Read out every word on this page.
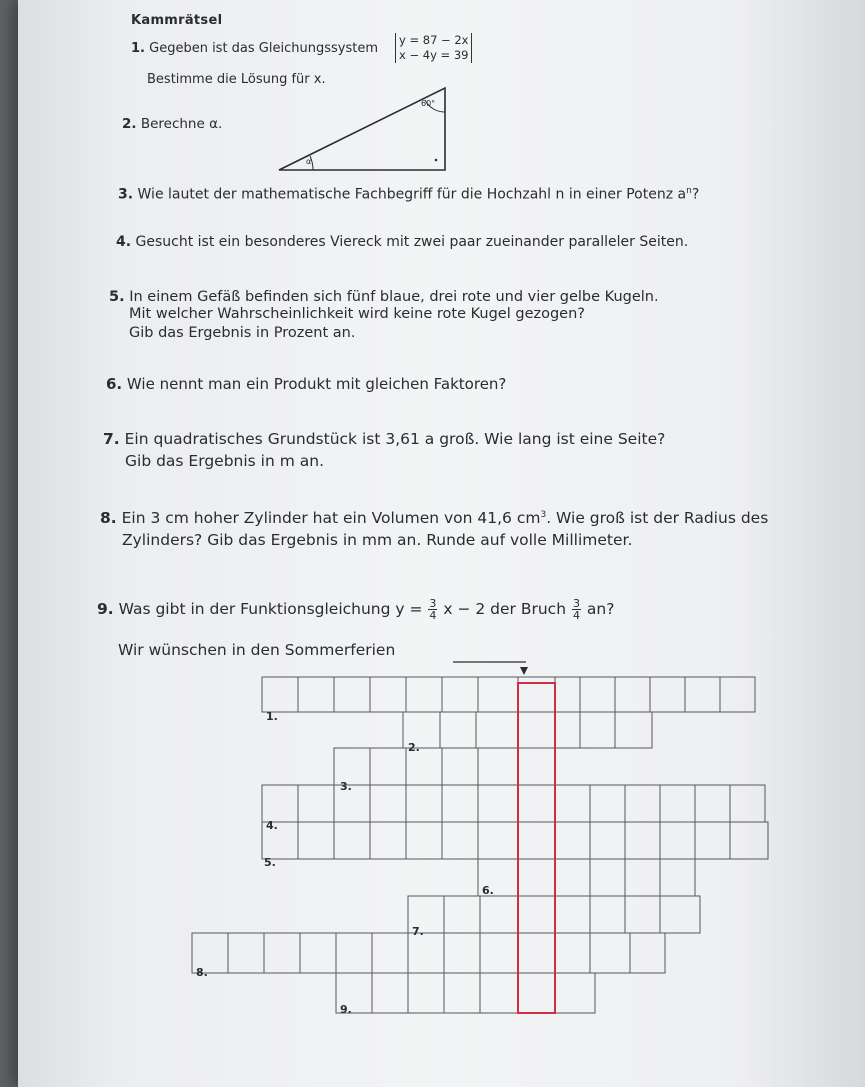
Kammrätsel
1. Gegeben ist das Gleichungssystem
y = 87 − 2x
x − 4y = 39
Bestimme die Lösung für x.
2. Berechne α.
60°
α
1.
2.
3.
4.
5.
6.
7.
8.
9.
3. Wie lautet der mathematische Fachbegriff für die Hochzahl n in einer Potenz $a^n$?
4. Gesucht ist ein besonderes Viereck mit zwei paar zueinander paralleler Seiten.
5. In einem Gefäß befinden sich fünf blaue, drei rote und vier gelbe Kugeln.
Mit welcher Wahrscheinlichkeit wird keine rote Kugel gezogen?
Gib das Ergebnis in Prozent an.
6. Wie nennt man ein Produkt mit gleichen Faktoren?
7. Ein quadratisches Grundstück ist 3,61 a groß. Wie lang ist eine Seite?
Gib das Ergebnis in m an.
8. Ein 3 cm hoher Zylinder hat ein Volumen von 41,6 $cm^3$. Wie groß ist der Radius des
Zylinders? Gib das Ergebnis in mm an. Runde auf volle Millimeter.
9. Was gibt in der Funktionsgleichung $y = \frac{3}{4}$ x − 2 der Bruch $\frac{3}{4}$ an?
Wir wünschen in den Sommerferien
